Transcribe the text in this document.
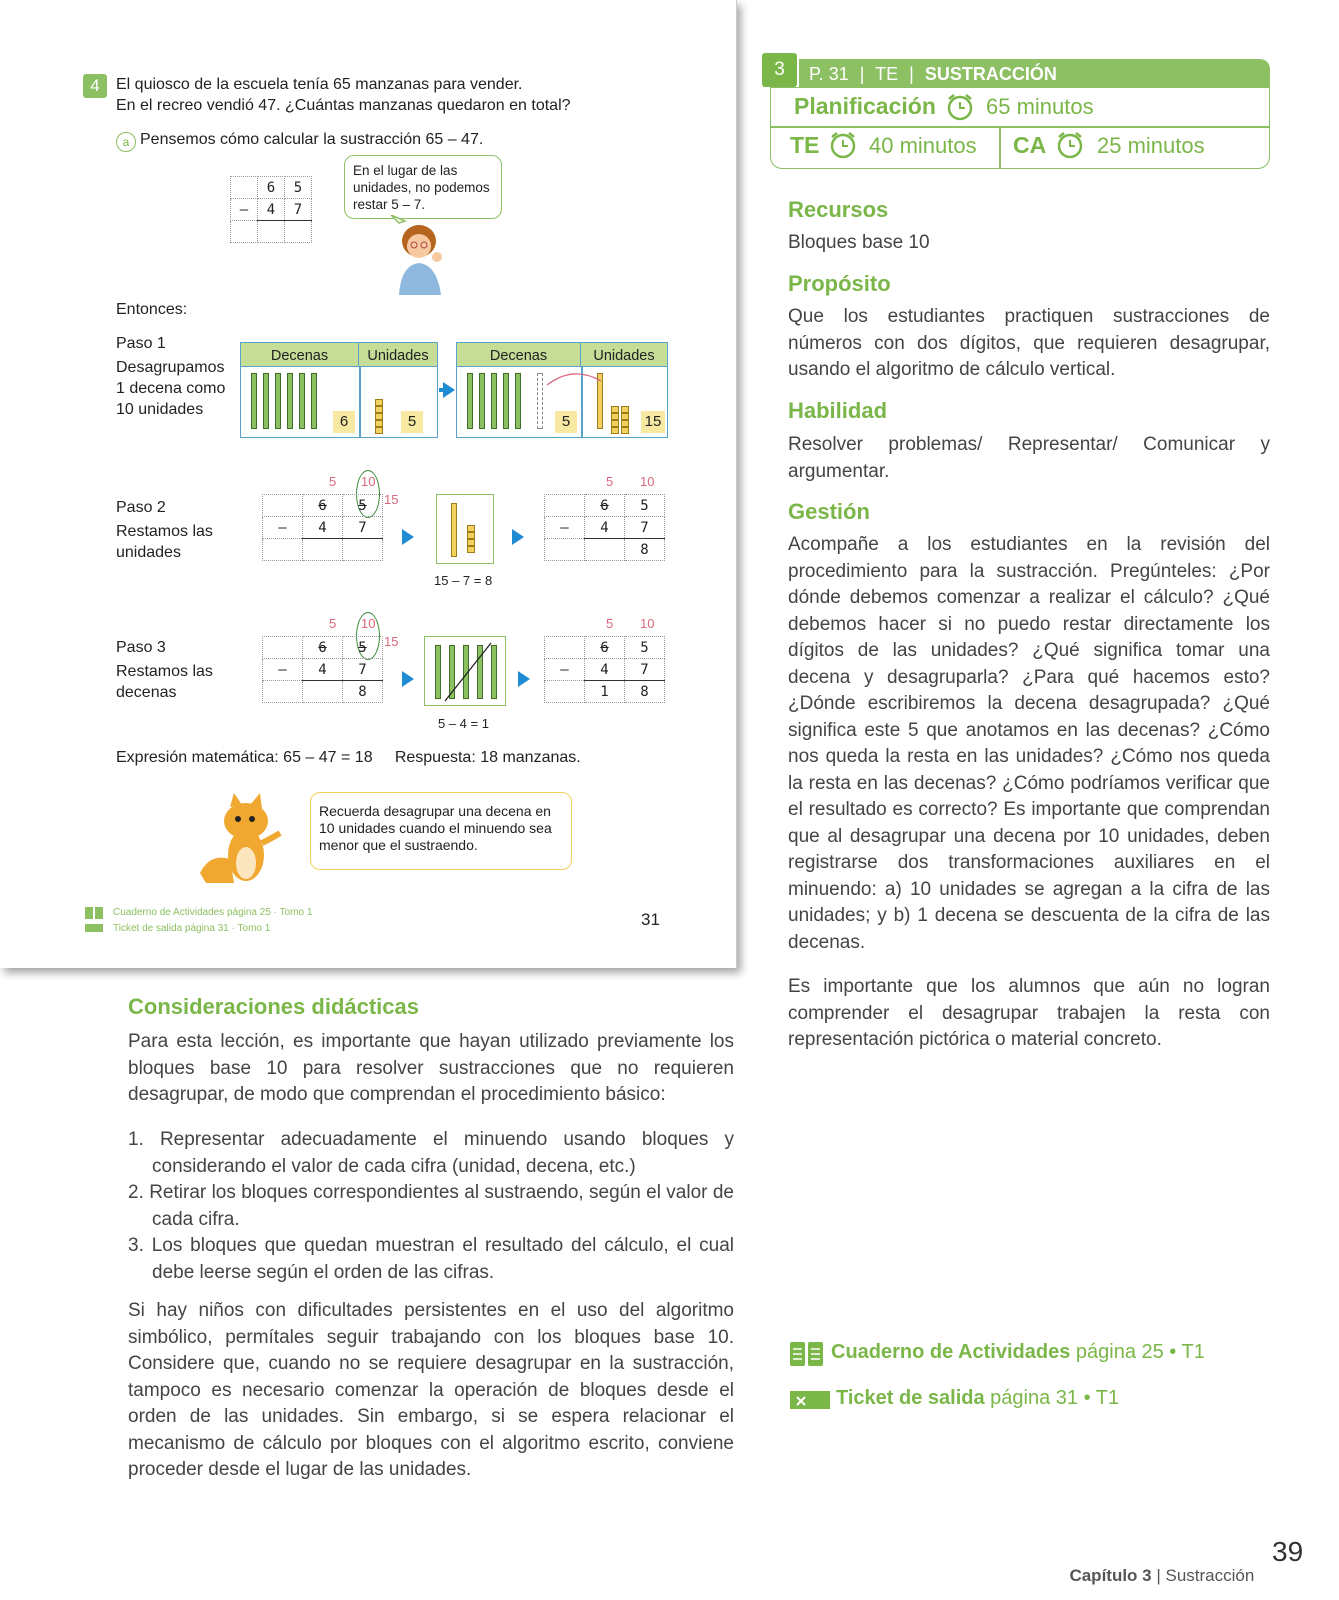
4	El quiosco de la escuela tenía 65 manzanas para vender.
En el recreo vendió 47. ¿Cuántas manzanas quedaron en total?
a Pensemos cómo calcular la sustracción 65 – 47.
	6	5
–	4	7

En el lugar de las unidades, no podemos restar 5 – 7.
Entonces:
Paso 1
Desagrupamos
1 decena como
10 unidades
Decenas	Unidades
6	5
Decenas	Unidades
5	15
Paso 2
Restamos las
unidades
5 10
15
	6	5
–	4	7

15 – 7 = 8
5 10
	6	5
–	4	7
		8
Paso 3
Restamos las
decenas
5 10
15
	6	5
–	4	7
		8
5 – 4 = 1
5 10
	6	5
–	4	7
	1	8
Expresión matemática: 65 – 47 = 18     Respuesta: 18 manzanas.
Recuerda desagrupar una decena en 10 unidades cuando el minuendo sea menor que el sustraendo.
Cuaderno de Actividades página 25 · Tomo 1
Ticket de salida página 31 · Tomo 1	31
Consideraciones didácticas
Para esta lección, es importante que hayan utilizado previamente los bloques base 10 para resolver sustracciones que no requieren desagrupar, de modo que comprendan el procedimiento básico:
1. Representar adecuadamente el minuendo usando bloques y considerando el valor de cada cifra (unidad, decena, etc.)
2. Retirar los bloques correspondientes al sustraendo, según el valor de cada cifra.
3. Los bloques que quedan muestran el resultado del cálculo, el cual debe leerse según el orden de las cifras.
Si hay niños con dificultades persistentes en el uso del algoritmo simbólico, permítales seguir trabajando con los bloques base 10. Considere que, cuando no se requiere desagrupar en la sustracción, tampoco es necesario comenzar la operación de bloques desde el orden de las unidades. Sin embargo, si se espera relacionar el mecanismo de cálculo por bloques con el algoritmo escrito, conviene proceder desde el lugar de las unidades.
3	P. 31 | TE | SUSTRACCIÓN
Planificación 65 minutos
TE 40 minutos CA 25 minutos
Recursos
Bloques base 10
Propósito
Que los estudiantes practiquen sustracciones de números con dos dígitos, que requieren desagrupar, usando el algoritmo de cálculo vertical.
Habilidad
Resolver problemas/ Representar/ Comunicar y argumentar.
Gestión
Acompañe a los estudiantes en la revisión del procedimiento para la sustracción. Pregúnteles: ¿Por dónde debemos comenzar a realizar el cálculo? ¿Qué debemos hacer si no puedo restar directamente los dígitos de las unidades? ¿Qué significa tomar una decena y desagruparla? ¿Para qué hacemos esto? ¿Dónde escribiremos la decena desagrupada? ¿Qué significa este 5 que anotamos en las decenas? ¿Cómo nos queda la resta en las unidades? ¿Cómo nos queda la resta en las decenas? ¿Cómo podríamos verificar que el resultado es correcto? Es importante que comprendan que al desagrupar una decena por 10 unidades, deben registrarse dos transformaciones auxiliares en el minuendo: a) 10 unidades se agregan a la cifra de las unidades; y b) 1 decena se descuenta de la cifra de las decenas.
Es importante que los alumnos que aún no logran comprender el desagrupar trabajen la resta con representación pictórica o material concreto.
Cuaderno de Actividades página 25 • T1
Ticket de salida página 31 • T1

Capítulo 3 | Sustracción

39
